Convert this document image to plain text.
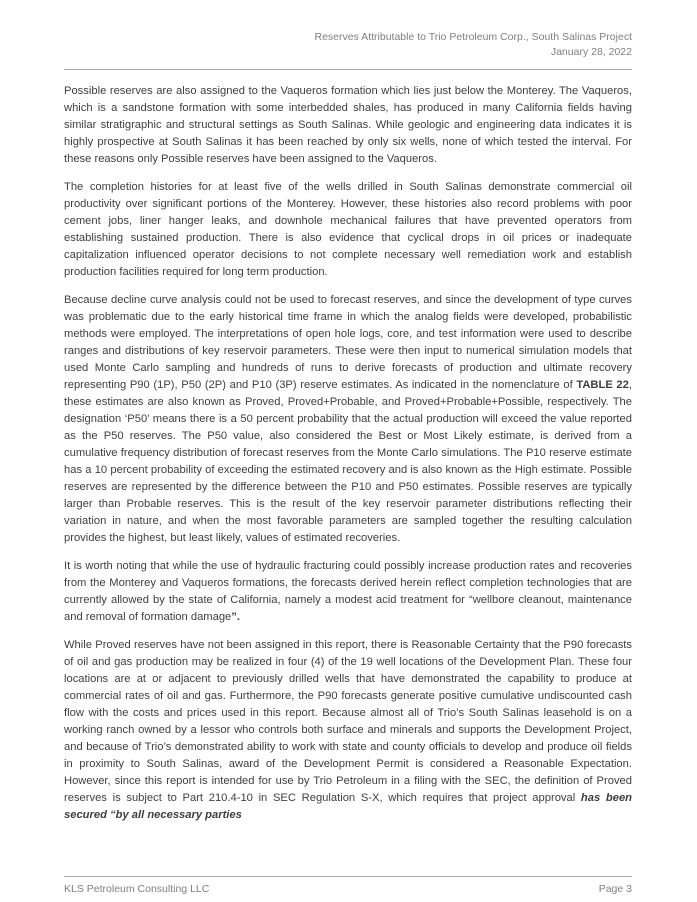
Reserves Attributable to Trio Petroleum Corp., South Salinas Project
January 28, 2022

Possible reserves are also assigned to the Vaqueros formation which lies just below the Monterey. The Vaqueros, which is a sandstone formation with some interbedded shales, has produced in many California fields having similar stratigraphic and structural settings as South Salinas. While geologic and engineering data indicates it is highly prospective at South Salinas it has been reached by only six wells, none of which tested the interval. For these reasons only Possible reserves have been assigned to the Vaqueros.

The completion histories for at least five of the wells drilled in South Salinas demonstrate commercial oil productivity over significant portions of the Monterey. However, these histories also record problems with poor cement jobs, liner hanger leaks, and downhole mechanical failures that have prevented operators from establishing sustained production. There is also evidence that cyclical drops in oil prices or inadequate capitalization influenced operator decisions to not complete necessary well remediation work and establish production facilities required for long term production.

Because decline curve analysis could not be used to forecast reserves, and since the development of type curves was problematic due to the early historical time frame in which the analog fields were developed, probabilistic methods were employed. The interpretations of open hole logs, core, and test information were used to describe ranges and distributions of key reservoir parameters. These were then input to numerical simulation models that used Monte Carlo sampling and hundreds of runs to derive forecasts of production and ultimate recovery representing P90 (1P), P50 (2P) and P10 (3P) reserve estimates. As indicated in the nomenclature of TABLE 22, these estimates are also known as Proved, Proved+Probable, and Proved+Probable+Possible, respectively. The designation ‘P50’ means there is a 50 percent probability that the actual production will exceed the value reported as the P50 reserves. The P50 value, also considered the Best or Most Likely estimate, is derived from a cumulative frequency distribution of forecast reserves from the Monte Carlo simulations. The P10 reserve estimate has a 10 percent probability of exceeding the estimated recovery and is also known as the High estimate. Possible reserves are represented by the difference between the P10 and P50 estimates. Possible reserves are typically larger than Probable reserves. This is the result of the key reservoir parameter distributions reflecting their variation in nature, and when the most favorable parameters are sampled together the resulting calculation provides the highest, but least likely, values of estimated recoveries.

It is worth noting that while the use of hydraulic fracturing could possibly increase production rates and recoveries from the Monterey and Vaqueros formations, the forecasts derived herein reflect completion technologies that are currently allowed by the state of California, namely a modest acid treatment for “wellbore cleanout, maintenance and removal of formation damage”.

While Proved reserves have not been assigned in this report, there is Reasonable Certainty that the P90 forecasts of oil and gas production may be realized in four (4) of the 19 well locations of the Development Plan. These four locations are at or adjacent to previously drilled wells that have demonstrated the capability to produce at commercial rates of oil and gas. Furthermore, the P90 forecasts generate positive cumulative undiscounted cash flow with the costs and prices used in this report. Because almost all of Trio’s South Salinas leasehold is on a working ranch owned by a lessor who controls both surface and minerals and supports the Development Project, and because of Trio’s demonstrated ability to work with state and county officials to develop and produce oil fields in proximity to South Salinas, award of the Development Permit is considered a Reasonable Expectation. However, since this report is intended for use by Trio Petroleum in a filing with the SEC, the definition of Proved reserves is subject to Part 210.4-10 in SEC Regulation S-X, which requires that project approval has been secured “by all necessary parties

KLS Petroleum Consulting LLC	Page 3
